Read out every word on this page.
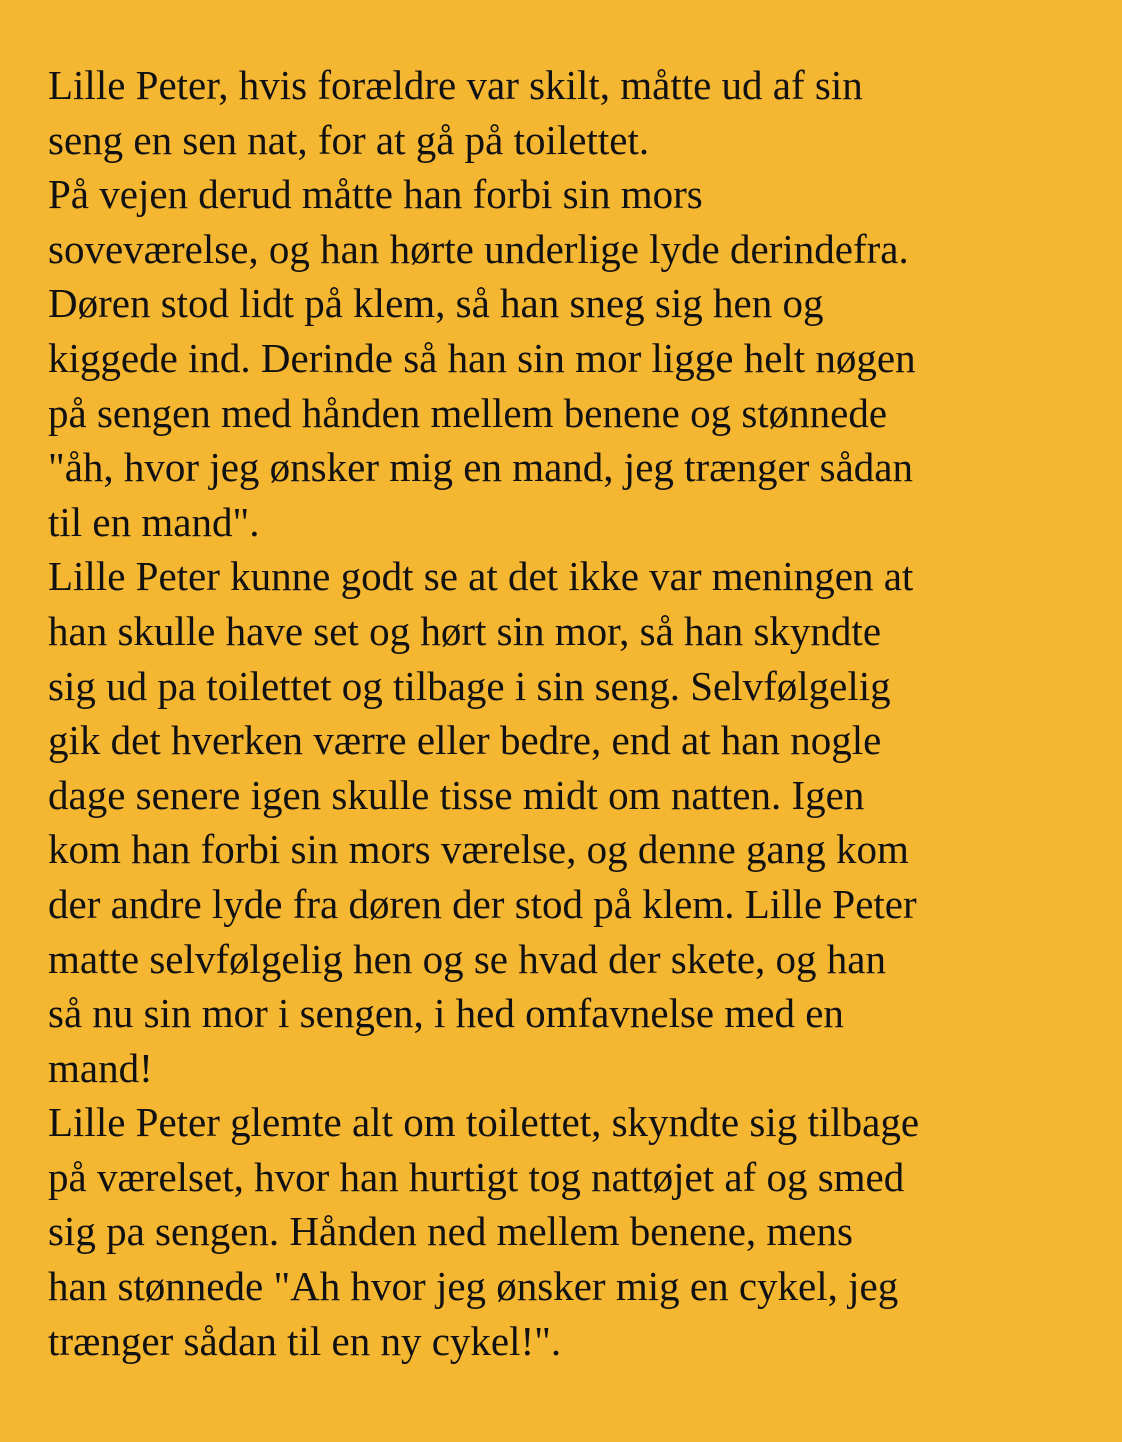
Lille Peter, hvis forældre var skilt, måtte ud af sin
seng en sen nat, for at gå på toilettet.
På vejen derud måtte han forbi sin mors
soveværelse, og han hørte underlige lyde derindefra.
Døren stod lidt på klem, så han sneg sig hen og
kiggede ind. Derinde så han sin mor ligge helt nøgen
på sengen med hånden mellem benene og stønnede
"åh, hvor jeg ønsker mig en mand, jeg trænger sådan
til en mand".
Lille Peter kunne godt se at det ikke var meningen at
han skulle have set og hørt sin mor, så han skyndte
sig ud pa toilettet og tilbage i sin seng. Selvfølgelig
gik det hverken værre eller bedre, end at han nogle
dage senere igen skulle tisse midt om natten. Igen
kom han forbi sin mors værelse, og denne gang kom
der andre lyde fra døren der stod på klem. Lille Peter
matte selvfølgelig hen og se hvad der skete, og han
så nu sin mor i sengen, i hed omfavnelse med en
mand!
Lille Peter glemte alt om toilettet, skyndte sig tilbage
på værelset, hvor han hurtigt tog nattøjet af og smed
sig pa sengen. Hånden ned mellem benene, mens
han stønnede "Ah hvor jeg ønsker mig en cykel, jeg
trænger sådan til en ny cykel!".
